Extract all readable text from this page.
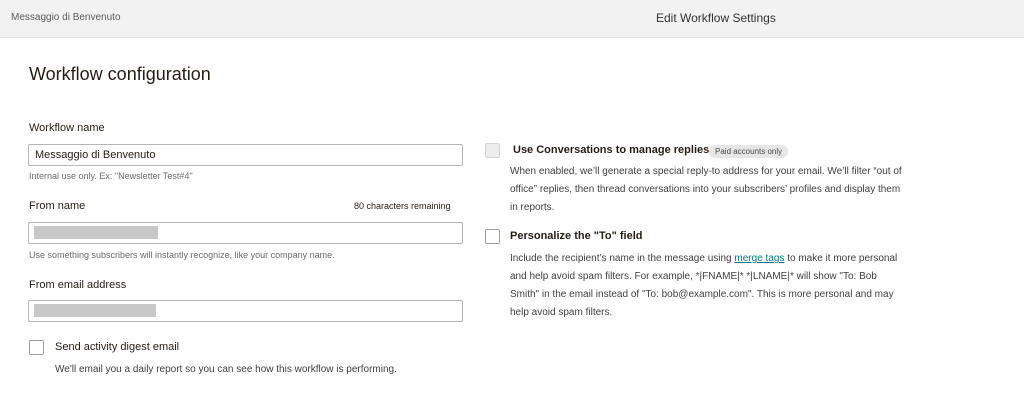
Messaggio di Benvenuto	Edit Workflow Settings
Workflow configuration
Workflow name
Messaggio di Benvenuto
Internal use only. Ex: "Newsletter Test#4"
From name	80 characters remaining
Use something subscribers will instantly recognize, like your company name.
From email address
Send activity digest email
We'll email you a daily report so you can see how this workflow is performing.
Use Conversations to manage replies Paid accounts only
When enabled, we’ll generate a special reply-to address for your email. We’ll filter “out of
office” replies, then thread conversations into your subscribers’ profiles and display them
in reports.
Personalize the "To" field
Include the recipient’s name in the message using merge tags to make it more personal
and help avoid spam filters. For example, *|FNAME|* *|LNAME|* will show "To: Bob
Smith" in the email instead of "To: bob@example.com". This is more personal and may
help avoid spam filters.
